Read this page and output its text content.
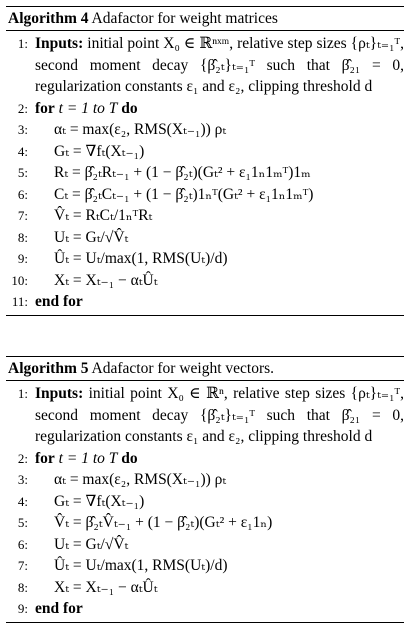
Algorithm 4 Adafactor for weight matrices
1: Inputs: initial point X₀ ∈ ℝⁿˣᵐ, relative step sizes {ρₜ}ₜ₌₁ᵀ, second moment decay {β̂₂ₜ}ₜ₌₁ᵀ such that β̂₂₁ = 0, regularization constants ε₁ and ε₂, clipping threshold d
2: for t = 1 to T do
3: αₜ = max(ε₂, RMS(Xₜ₋₁)) ρₜ
4: Gₜ = ∇fₜ(Xₜ₋₁)
5: Rₜ = β̂₂ₜRₜ₋₁ + (1 − β̂₂ₜ)(Gₜ² + ε₁1ₙ1ₘᵀ)1ₘ
6: Cₜ = β̂₂ₜCₜ₋₁ + (1 − β̂₂ₜ)1ₙᵀ(Gₜ² + ε₁1ₙ1ₘᵀ)
7: V̂ₜ = RₜCₜ/1ₙᵀRₜ
8: Uₜ = Gₜ/√V̂ₜ
9: Ûₜ = Uₜ/max(1, RMS(Uₜ)/d)
10: Xₜ = Xₜ₋₁ − αₜÛₜ
11: end for
Algorithm 5 Adafactor for weight vectors.
1: Inputs: initial point X₀ ∈ ℝⁿ, relative step sizes {ρₜ}ₜ₌₁ᵀ, second moment decay {β̂₂ₜ}ₜ₌₁ᵀ such that β̂₂₁ = 0, regularization constants ε₁ and ε₂, clipping threshold d
2: for t = 1 to T do
3: αₜ = max(ε₂, RMS(Xₜ₋₁)) ρₜ
4: Gₜ = ∇fₜ(Xₜ₋₁)
5: V̂ₜ = β̂₂ₜV̂ₜ₋₁ + (1 − β̂₂ₜ)(Gₜ² + ε₁1ₙ)
6: Uₜ = Gₜ/√V̂ₜ
7: Ûₜ = Uₜ/max(1, RMS(Uₜ)/d)
8: Xₜ = Xₜ₋₁ − αₜÛₜ
9: end for
